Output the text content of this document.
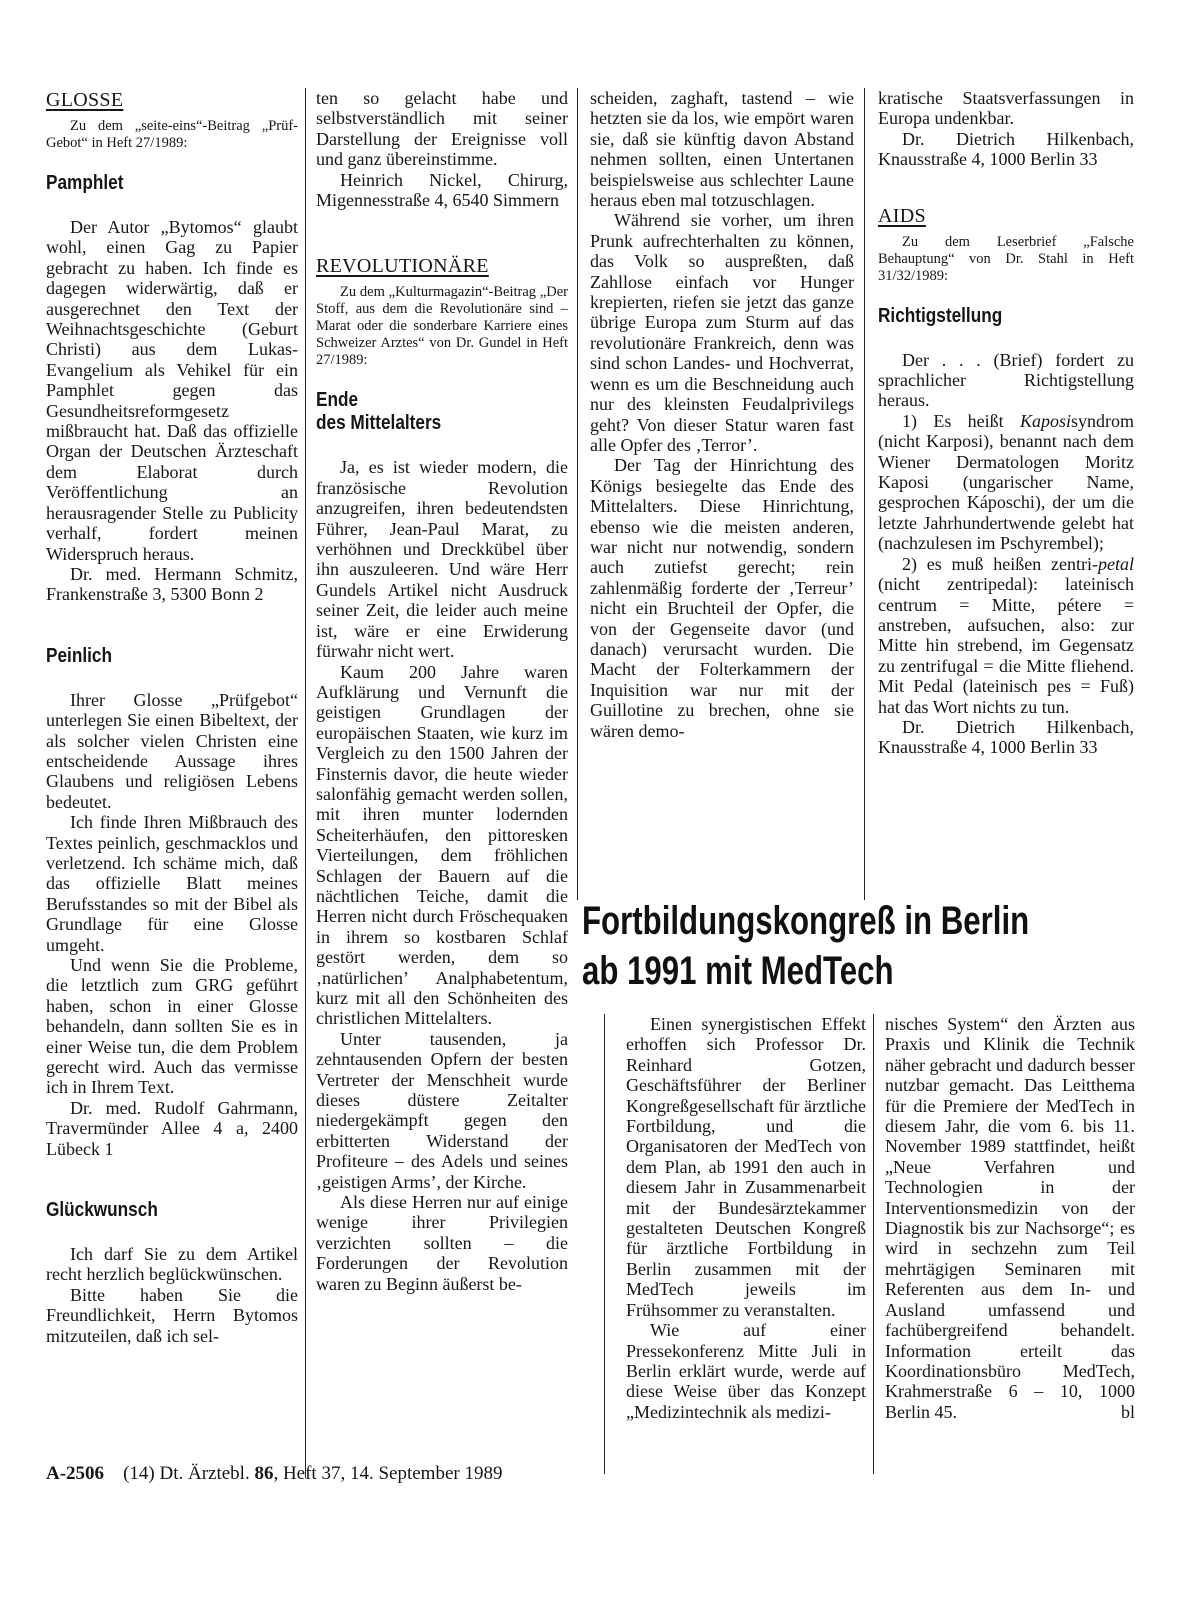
GLOSSE

Zu dem „seite-eins“-Beitrag „Prüf-Gebot“ in Heft 27/1989:

Pamphlet

Der Autor „Bytomos“ glaubt wohl, einen Gag zu Papier gebracht zu haben. Ich finde es dagegen widerwärtig, daß er ausgerechnet den Text der Weihnachtsgeschichte (Geburt Christi) aus dem Lukas-Evangelium als Vehikel für ein Pamphlet gegen das Gesundheitsreformgesetz mißbraucht hat. Daß das offizielle Organ der Deutschen Ärzteschaft dem Elaborat durch Veröffentlichung an herausragender Stelle zu Publicity verhalf, fordert meinen Widerspruch heraus.

Dr. med. Hermann Schmitz, Frankenstraße 3, 5300 Bonn 2

Peinlich

Ihrer Glosse „Prüfgebot“ unterlegen Sie einen Bibeltext, der als solcher vielen Christen eine entscheidende Aussage ihres Glaubens und religiösen Lebens bedeutet.

Ich finde Ihren Mißbrauch des Textes peinlich, geschmacklos und verletzend. Ich schäme mich, daß das offizielle Blatt meines Berufsstandes so mit der Bibel als Grundlage für eine Glosse umgeht.

Und wenn Sie die Probleme, die letztlich zum GRG geführt haben, schon in einer Glosse behandeln, dann sollten Sie es in einer Weise tun, die dem Problem gerecht wird. Auch das vermisse ich in Ihrem Text.

Dr. med. Rudolf Gahrmann, Travermünder Allee 4 a, 2400 Lübeck 1

Glückwunsch

Ich darf Sie zu dem Artikel recht herzlich beglückwünschen.

Bitte haben Sie die Freundlichkeit, Herrn Bytomos mitzuteilen, daß ich sel-

ten so gelacht habe und selbstverständlich mit seiner Darstellung der Ereignisse voll und ganz übereinstimme.

Heinrich Nickel, Chirurg, Migennesstraße 4, 6540 Simmern

REVOLUTIONÄRE

Zu dem „Kulturmagazin“-Beitrag „Der Stoff, aus dem die Revolutionäre sind – Marat oder die sonderbare Karriere eines Schweizer Arztes“ von Dr. Gundel in Heft 27/1989:

Ende
des Mittelalters

Ja, es ist wieder modern, die französische Revolution anzugreifen, ihren bedeutendsten Führer, Jean-Paul Marat, zu verhöhnen und Dreckkübel über ihn auszuleeren. Und wäre Herr Gundels Artikel nicht Ausdruck seiner Zeit, die leider auch meine ist, wäre er eine Erwiderung fürwahr nicht wert.

Kaum 200 Jahre waren Aufklärung und Vernunft die geistigen Grundlagen der europäischen Staaten, wie kurz im Vergleich zu den 1500 Jahren der Finsternis davor, die heute wieder salonfähig gemacht werden sollen, mit ihren munter lodernden Scheiterhäufen, den pittoresken Vierteilungen, dem fröhlichen Schlagen der Bauern auf die nächtlichen Teiche, damit die Herren nicht durch Fröschequaken in ihrem so kostbaren Schlaf gestört werden, dem so ‚natürlichen’ Analphabetentum, kurz mit all den Schönheiten des christlichen Mittelalters.

Unter tausenden, ja zehntausenden Opfern der besten Vertreter der Menschheit wurde dieses düstere Zeitalter niedergekämpft gegen den erbitterten Widerstand der Profiteure – des Adels und seines ‚geistigen Arms’, der Kirche.

Als diese Herren nur auf einige wenige ihrer Privilegien verzichten sollten – die Forderungen der Revolution waren zu Beginn äußerst be-

scheiden, zaghaft, tastend – wie hetzten sie da los, wie empört waren sie, daß sie künftig davon Abstand nehmen sollten, einen Untertanen beispielsweise aus schlechter Laune heraus eben mal totzuschlagen.

Während sie vorher, um ihren Prunk aufrechterhalten zu können, das Volk so auspreßten, daß Zahllose einfach vor Hunger krepierten, riefen sie jetzt das ganze übrige Europa zum Sturm auf das revolutionäre Frankreich, denn was sind schon Landes- und Hochverrat, wenn es um die Beschneidung auch nur des kleinsten Feudalprivilegs geht? Von dieser Statur waren fast alle Opfer des ‚Terror’.

Der Tag der Hinrichtung des Königs besiegelte das Ende des Mittelalters. Diese Hinrichtung, ebenso wie die meisten anderen, war nicht nur notwendig, sondern auch zutiefst gerecht; rein zahlenmäßig forderte der ‚Terreur’ nicht ein Bruchteil der Opfer, die von der Gegenseite davor (und danach) verursacht wurden. Die Macht der Folterkammern der Inquisition war nur mit der Guillotine zu brechen, ohne sie wären demo-

kratische Staatsverfassungen in Europa undenkbar.

Dr. Dietrich Hilkenbach, Knausstraße 4, 1000 Berlin 33

AIDS

Zu dem Leserbrief „Falsche Behauptung“ von Dr. Stahl in Heft 31/32/1989:

Richtigstellung

Der . . . (Brief) fordert zu sprachlicher Richtigstellung heraus.

1) Es heißt Kaposisyndrom (nicht Karposi), benannt nach dem Wiener Dermatologen Moritz Kaposi (ungarischer Name, gesprochen Káposchi), der um die letzte Jahrhundertwende gelebt hat (nachzulesen im Pschyrembel);

2) es muß heißen zentri-petal (nicht zentripedal): lateinisch centrum = Mitte, pétere = anstreben, aufsuchen, also: zur Mitte hin strebend, im Gegensatz zu zentrifugal = die Mitte fliehend. Mit Pedal (lateinisch pes = Fuß) hat das Wort nichts zu tun.

Dr. Dietrich Hilkenbach, Knausstraße 4, 1000 Berlin 33

Fortbildungskongreß in Berlin
ab 1991 mit MedTech

Einen synergistischen Effekt erhoffen sich Professor Dr. Reinhard Gotzen, Geschäftsführer der Berliner Kongreßgesellschaft für ärztliche Fortbildung, und die Organisatoren der MedTech von dem Plan, ab 1991 den auch in diesem Jahr in Zusammenarbeit mit der Bundesärztekammer gestalteten Deutschen Kongreß für ärztliche Fortbildung in Berlin zusammen mit der MedTech jeweils im Frühsommer zu veranstalten.

Wie auf einer Pressekonferenz Mitte Juli in Berlin erklärt wurde, werde auf diese Weise über das Konzept „Medizintechnik als medizi-

nisches System“ den Ärzten aus Praxis und Klinik die Technik näher gebracht und dadurch besser nutzbar gemacht. Das Leitthema für die Premiere der MedTech in diesem Jahr, die vom 6. bis 11. November 1989 stattfindet, heißt „Neue Verfahren und Technologien in der Interventionsmedizin von der Diagnostik bis zur Nachsorge“; es wird in sechzehn zum Teil mehrtägigen Seminaren mit Referenten aus dem In- und Ausland umfassend und fachübergreifend behandelt. Information erteilt das Koordinationsbüro MedTech, Krahmerstraße 6 – 10, 1000 Berlin 45.	bl

A-2506 (14) Dt. Ärztebl. 86, Heft 37, 14. September 1989
